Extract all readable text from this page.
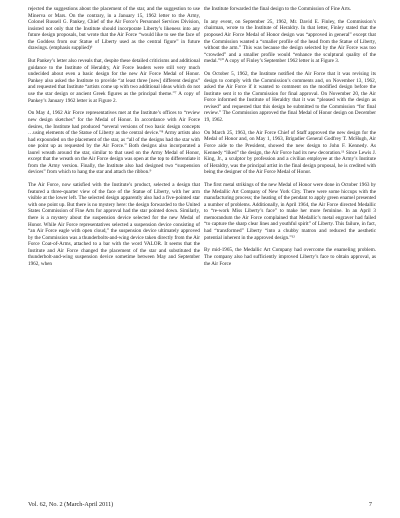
rejected the suggestions about the placement of the star, and the suggestion to use Minerva or Mars. On the contrary, in a January 15, 1962 letter to the Army, Colonel Russell G. Pankey, Chief of the Air Force’s Personnel Services Division, insisted not only that the Institute should incorporate Liberty’s likeness into any future design proposals, but wrote that the Air Force “would like to see the face of the Goddess from our Statue of Liberty used as the central figure” in future drawings. (emphasis supplied)⁶

But Pankey’s letter also reveals that, despite these detailed criticisms and additional guidance to the Institute of Heraldry, Air Force leaders were still very much undecided about even a basic design for the new Air Force Medal of Honor. Pankey also asked the Institute to provide “at least three [new] different designs” and requested that Institute “artists come up with two additional ideas which do not use the star design or ancient Greek figures as the principal theme.”⁷ A copy of Pankey’s January 1962 letter is at Figure 2.

On May 4, 1962 Air Force representatives met at the Institute’s offices to “review new design sketches” for the Medal of Honor. In accordance with Air Force desires, the Institute had produced “several versions of two basic design concepts …using elements of the Statue of Liberty as the central device.”⁸ Army artists also had expounded on the placement of the star, as “all of the designs had the star with one point up as requested by the Air Force.” Both designs also incorporated a laurel wreath around the star, similar to that used on the Army Medal of Honor, except that the wreath on the Air Force design was open at the top to differentiate it from the Army version. Finally, the Institute also had designed two “suspension devices” from which to hang the star and attach the ribbon.⁹

The Air Force, now satisfied with the Institute’s product, selected a design that featured a three-quarter view of the face of the Statue of Liberty, with her arm visible at the lower left. The selected design apparently also had a five-pointed star with one point up. But there is no mystery here: the design forwarded to the United States Commission of Fine Arts for approval had the star pointed down. Similarly, there is a mystery about the suspension device selected for the new Medal of Honor. While Air Force representatives selected a suspension device consisting of “an Air Force eagle with open cloud,” the suspension device ultimately approved by the Commission was a thunderbolts-and-wing device taken directly from the Air Force Coat-of-Arms, attached to a bar with the word VALOR. It seems that the Institute and Air Force changed the placement of the star and substituted the thunderbolt-and-wing suspension device sometime between May and September 1962, when

the Institute forwarded the final design to the Commission of Fine Arts.

In any event, on September 25, 1962, Mr. David E. Finley, the Commission’s chairman, wrote to the Institute of Heraldry. In that letter, Finley stated that the proposed Air Force Medal of Honor design was “approved in general” except that the Commission wanted a “smaller profile of the head from the Statue of Liberty, without the arm.” This was because the design selected by the Air Force was too “crowded” and a smaller profile would “enhance the sculptural quality of the medal.”¹⁰ A copy of Finley’s September 1962 letter is at Figure 3.

On October 5, 1962, the Institute notified the Air Force that it was revising its design to comply with the Commission’s comments and, on November 13, 1962, asked the Air Force if it wanted to comment on the modified design before the Institute sent it to the Commission for final approval. On November 20, the Air Force informed the Institute of Heraldry that it was “pleased with the design as revised” and requested that this design be submitted to the Commission “for final review.” The Commission approved the final Medal of Honor design on December 19, 1962.

On March 25, 1963, the Air Force Chief of Staff approved the new design for the Medal of Honor and, on May 1, 1963, Brigadier General Godfrey T. McHugh, Air Force aide to the President, showed the new design to John F. Kennedy. As Kennedy “liked” the design, the Air Force had its new decoration.¹¹ Since Lewis J. King, Jr., a sculptor by profession and a civilian employee at the Army’s Institute of Heraldry, was the principal artist in the final design proposal, he is credited with being the designer of the Air Force Medal of Honor.

The first metal strikings of the new Medal of Honor were done in October 1963 by the Medallic Art Company of New York City. There were some hiccups with the manufacturing process; the heating of the pendant to apply green enamel presented a number of problems. Additionally, in April 1964, the Air Force directed Medallic to “re-work Miss Liberty’s face” to make her more feminine. In an April 3 memorandum the Air Force complained that Medallic’s metal engraver had failed “to capture the sharp clear lines and youthful spirit” of Liberty. This failure, in fact, had “transformed” Liberty “into a chubby matron and reduced the aesthetic potential inherent in the approved design.”¹²

By mid-1965, the Medallic Art Company had overcome the enameling problem. The company also had sufficiently improved Liberty’s face to obtain approval, as the Air Force

Vol. 62, No. 2 (March-April 2011)	7
